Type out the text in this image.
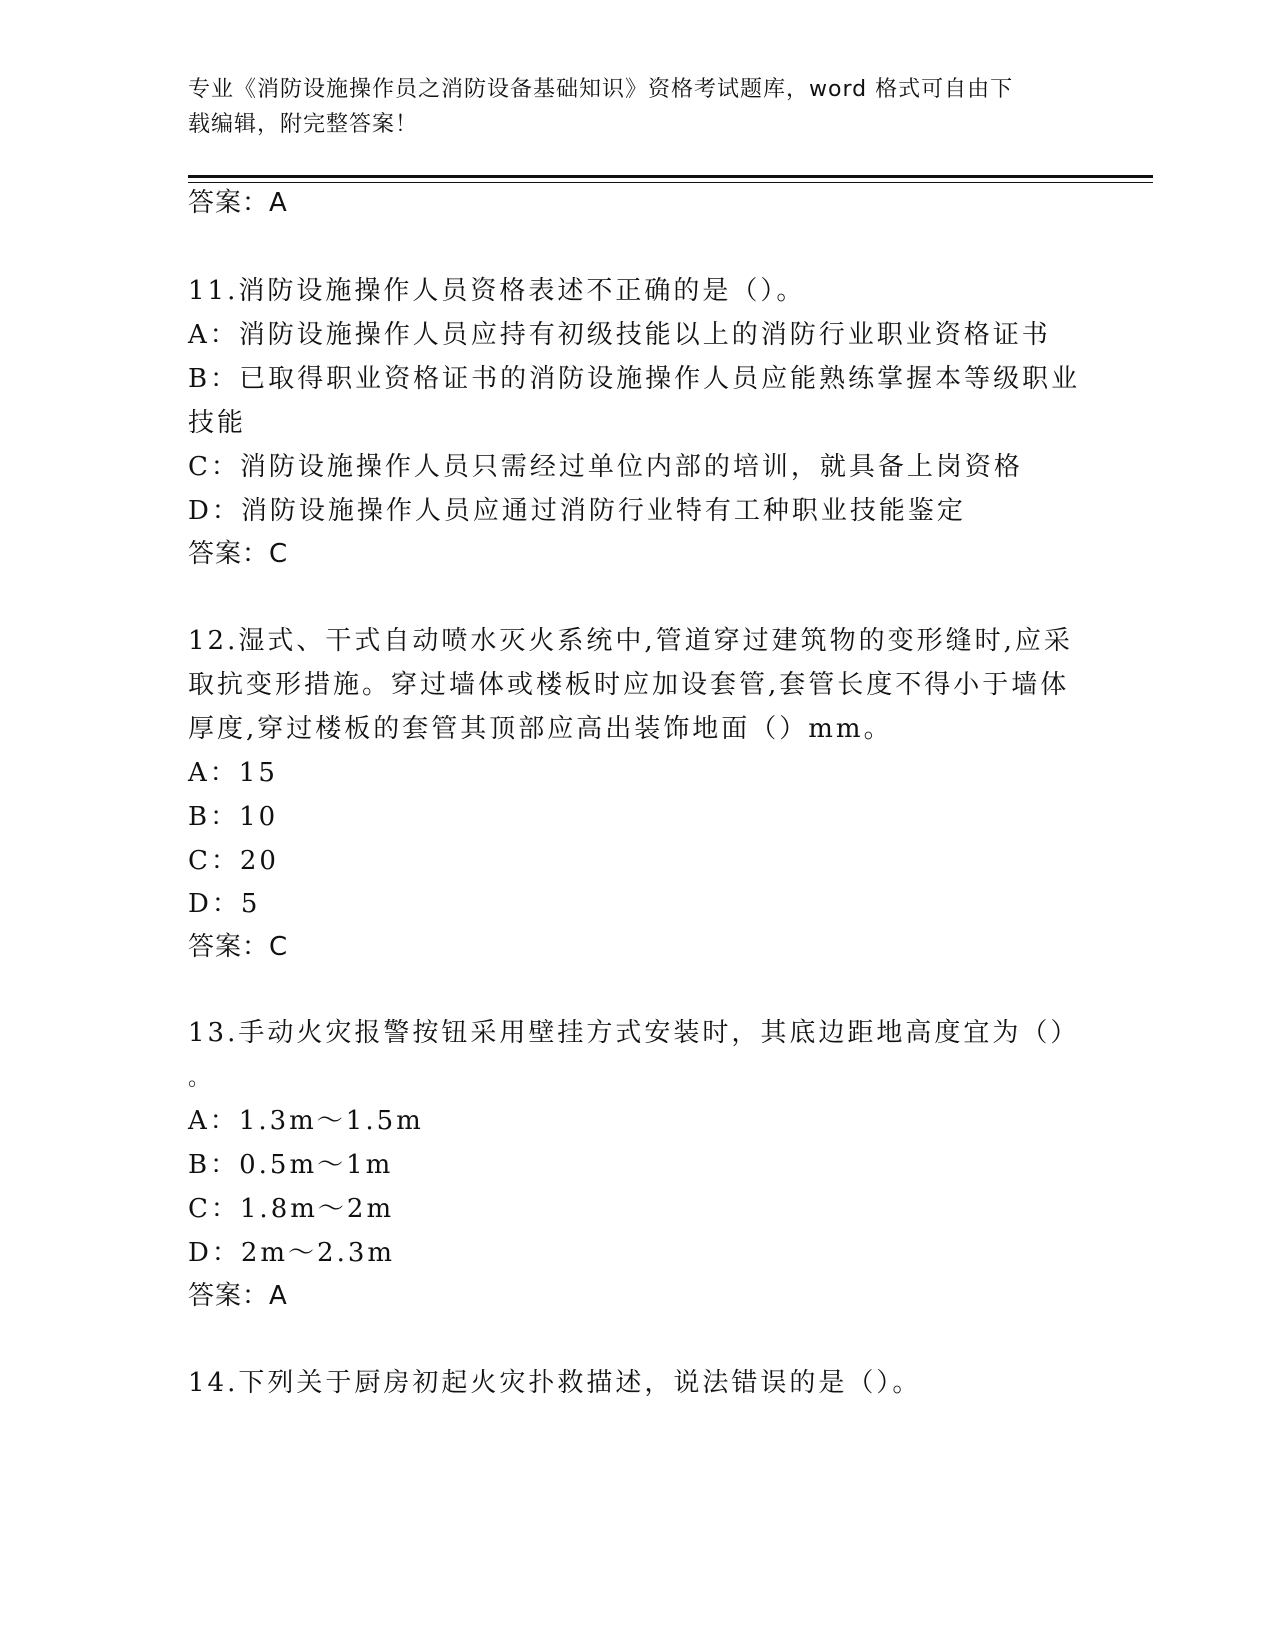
专业《消防设施操作员之消防设备基础知识》资格考试题库，word 格式可自由下
载编辑，附完整答案！
答案：A
11.消防设施操作人员资格表述不正确的是（）。
A：消防设施操作人员应持有初级技能以上的消防行业职业资格证书
B：已取得职业资格证书的消防设施操作人员应能熟练掌握本等级职业
技能
C：消防设施操作人员只需经过单位内部的培训，就具备上岗资格
D：消防设施操作人员应通过消防行业特有工种职业技能鉴定
答案：C
12.湿式、干式自动喷水灭火系统中,管道穿过建筑物的变形缝时,应采
取抗变形措施。穿过墙体或楼板时应加设套管,套管长度不得小于墙体
厚度,穿过楼板的套管其顶部应高出装饰地面（）mm。
A：15
B：10
C：20
D：5
答案：C
13.手动火灾报警按钮采用壁挂方式安装时，其底边距地高度宜为（）
。
A：1.3m～1.5m
B：0.5m～1m
C：1.8m～2m
D：2m～2.3m
答案：A
14.下列关于厨房初起火灾扑救描述，说法错误的是（）。
